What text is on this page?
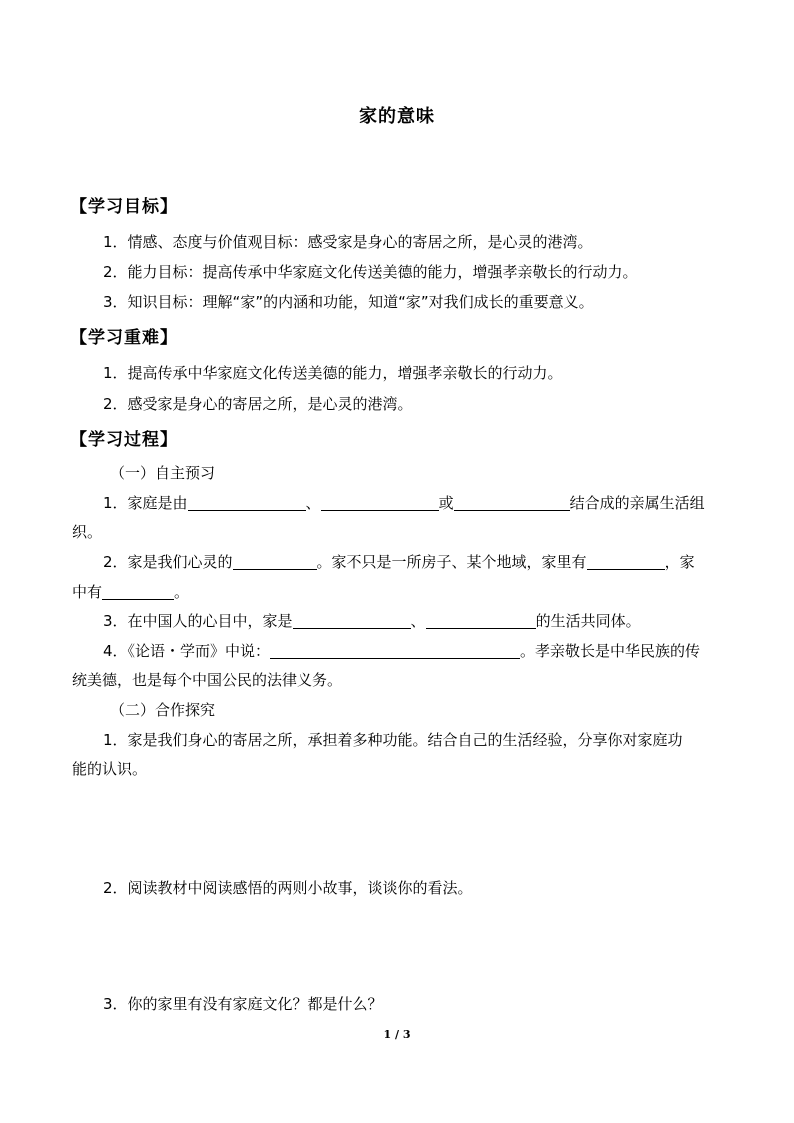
家的意味
【学习目标】
1．情感、态度与价值观目标：感受家是身心的寄居之所，是心灵的港湾。
2．能力目标：提高传承中华家庭文化传送美德的能力，增强孝亲敬长的行动力。
3．知识目标：理解“家”的内涵和功能，知道“家”对我们成长的重要意义。
【学习重难】
1．提高传承中华家庭文化传送美德的能力，增强孝亲敬长的行动力。
2．感受家是身心的寄居之所，是心灵的港湾。
【学习过程】
（一）自主预习
1．家庭是由	、	或	结合成的亲属生活组
织。
2．家是我们心灵的	。家不只是一所房子、某个地域，家里有	，家
中有	。
3．在中国人的心目中，家是	、	的生活共同体。
4．《论语・学而》中说：	。孝亲敬长是中华民族的传
统美德，也是每个中国公民的法律义务。
（二）合作探究
1．家是我们身心的寄居之所，承担着多种功能。结合自己的生活经验，分享你对家庭功
能的认识。
2．阅读教材中阅读感悟的两则小故事，谈谈你的看法。
3．你的家里有没有家庭文化？都是什么？
1 / 3
